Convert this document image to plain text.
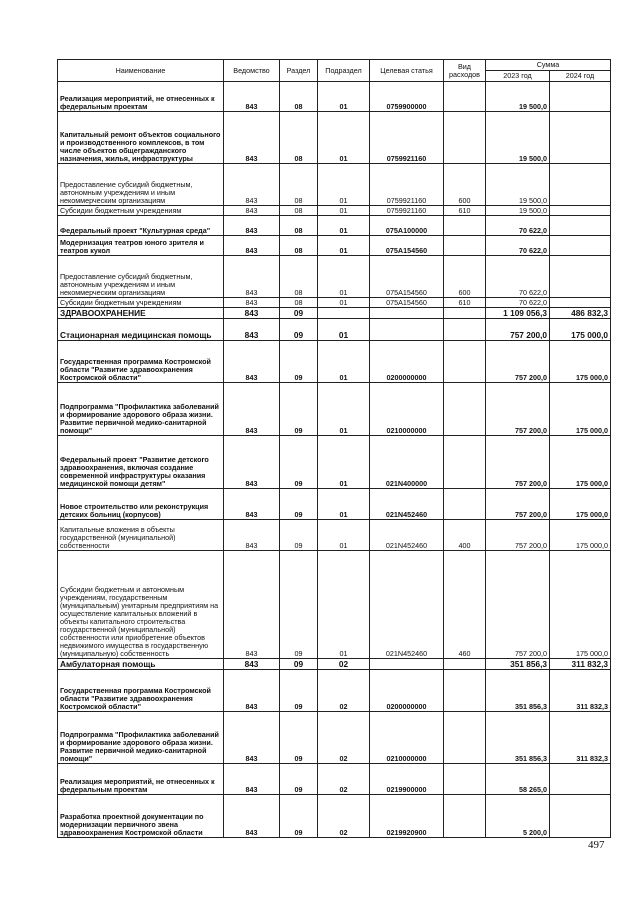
Наименование	Ведомство	Раздел	Подраздел	Целевая статья	Вид расходов	Сумма	
						2023 год	2024 год
Реализация мероприятий, не отнесенных к федеральным проектам	843	08	01	0759900000		19 500,0	
Капитальный ремонт объектов социального и производственного комплексов, в том числе объектов общегражданского назначения, жилья, инфраструктуры	843	08	01	0759921160		19 500,0	
Предоставление субсидий бюджетным, автономным учреждениям и иным некоммерческим организациям	843	08	01	0759921160	600	19 500,0	
Субсидии бюджетным учреждениям	843	08	01	0759921160	610	19 500,0	
Федеральный проект "Культурная среда"	843	08	01	075A100000		70 622,0	
Модернизация театров юного зрителя и театров кукол	843	08	01	075A154560		70 622,0	
Предоставление субсидий бюджетным, автономным учреждениям и иным некоммерческим организациям	843	08	01	075A154560	600	70 622,0	
Субсидии бюджетным учреждениям	843	08	01	075A154560	610	70 622,0	
ЗДРАВООХРАНЕНИЕ	843	09				1 109 056,3	486 832,3
Стационарная медицинская помощь	843	09	01			757 200,0	175 000,0
Государственная программа Костромской области "Развитие здравоохранения Костромской области"	843	09	01	0200000000		757 200,0	175 000,0
Подпрограмма "Профилактика заболеваний и формирование здорового образа жизни. Развитие первичной медико-санитарной помощи"	843	09	01	0210000000		757 200,0	175 000,0
Федеральный проект "Развитие детского здравоохранения, включая создание современной инфраструктуры оказания медицинской помощи детям"	843	09	01	021N400000		757 200,0	175 000,0
Новое строительство или реконструкция детских больниц (корпусов)	843	09	01	021N452460		757 200,0	175 000,0
Капитальные вложения в объекты государственной (муниципальной) собственности	843	09	01	021N452460	400	757 200,0	175 000,0
Субсидии бюджетным и автономным учреждениям, государственным (муниципальным) унитарным предприятиям на осуществление капитальных вложений в объекты капитального строительства государственной (муниципальной) собственности или приобретение объектов недвижимого имущества в государственную (муниципальную) собственность	843	09	01	021N452460	460	757 200,0	175 000,0
Амбулаторная помощь	843	09	02			351 856,3	311 832,3
Государственная программа Костромской области "Развитие здравоохранения Костромской области"	843	09	02	0200000000		351 856,3	311 832,3
Подпрограмма "Профилактика заболеваний и формирование здорового образа жизни. Развитие первичной медико-санитарной помощи"	843	09	02	0210000000		351 856,3	311 832,3
Реализация мероприятий, не отнесенных к федеральным проектам	843	09	02	0219900000		58 265,0	
Разработка проектной документации по модернизации первичного звена здравоохранения Костромской области	843	09	02	0219920900		5 200,0	
497
